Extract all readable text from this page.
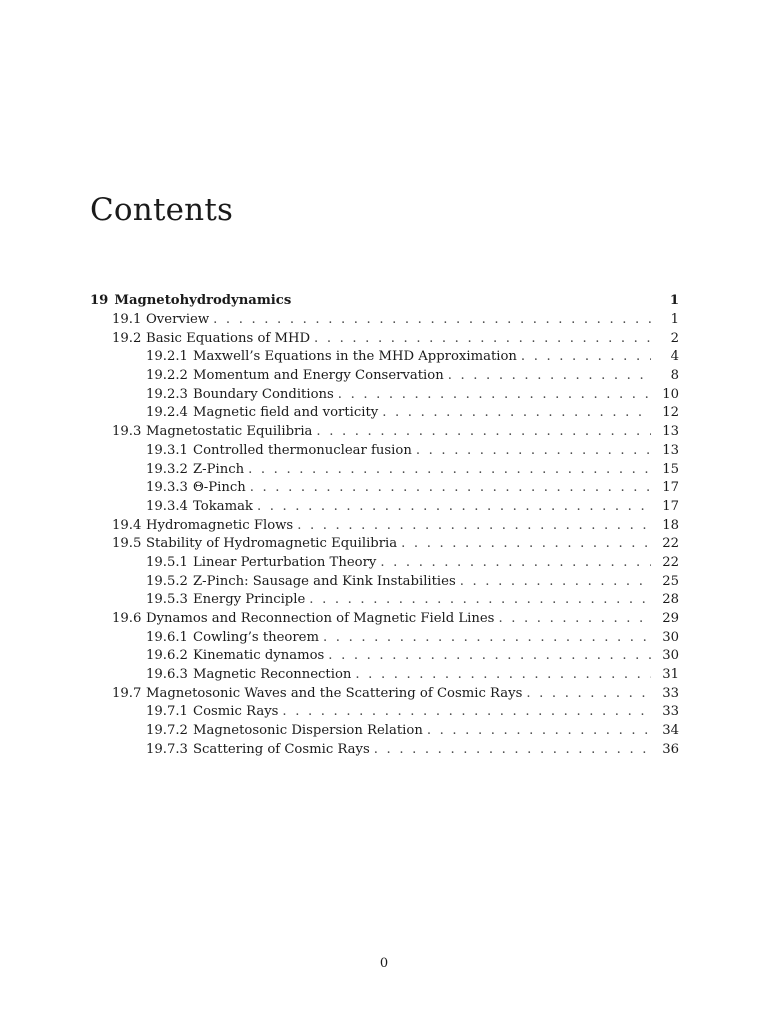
Contents
19 Magnetohydrodynamics	1
19.1 Overview . . .	1
19.2 Basic Equations of MHD . . .	2
19.2.1 Maxwell’s Equations in the MHD Approximation . . .	4
19.2.2 Momentum and Energy Conservation . . .	8
19.2.3 Boundary Conditions . . .	10
19.2.4 Magnetic field and vorticity . . .	12
19.3 Magnetostatic Equilibria . . .	13
19.3.1 Controlled thermonuclear fusion . . .	13
19.3.2 Z-Pinch . . .	15
19.3.3 Θ-Pinch . . .	17
19.3.4 Tokamak . . .	17
19.4 Hydromagnetic Flows . . .	18
19.5 Stability of Hydromagnetic Equilibria . . .	22
19.5.1 Linear Perturbation Theory . . .	22
19.5.2 Z-Pinch: Sausage and Kink Instabilities . . .	25
19.5.3 Energy Principle . . .	28
19.6 Dynamos and Reconnection of Magnetic Field Lines . . .	29
19.6.1 Cowling’s theorem . . .	30
19.6.2 Kinematic dynamos . . .	30
19.6.3 Magnetic Reconnection . . .	31
19.7 Magnetosonic Waves and the Scattering of Cosmic Rays . . .	33
19.7.1 Cosmic Rays . . .	33
19.7.2 Magnetosonic Dispersion Relation . . .	34
19.7.3 Scattering of Cosmic Rays . . .	36
0
